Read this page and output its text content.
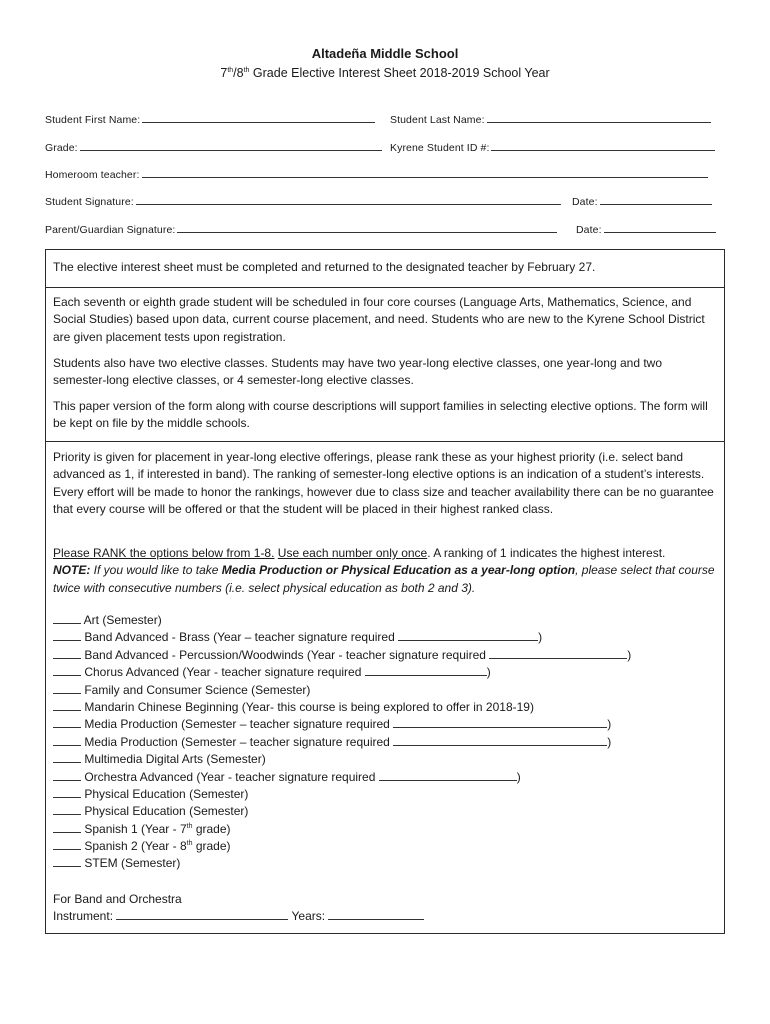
Altadeña Middle School
7th/8th Grade Elective Interest Sheet 2018-2019 School Year
Student First Name:	Student Last Name:
Grade:	Kyrene Student ID #:
Homeroom teacher:
Student Signature:	Date:
Parent/Guardian Signature:	Date:

The elective interest sheet must be completed and returned to the designated teacher by February 27.

Each seventh or eighth grade student will be scheduled in four core courses (Language Arts, Mathematics, Science, and Social Studies) based upon data, current course placement, and need. Students who are new to the Kyrene School District are given placement tests upon registration.

Students also have two elective classes. Students may have two year-long elective classes, one year-long and two semester-long elective classes, or 4 semester-long elective classes.

This paper version of the form along with course descriptions will support families in selecting elective options. The form will be kept on file by the middle schools.

Priority is given for placement in year-long elective offerings, please rank these as your highest priority (i.e. select band advanced as 1, if interested in band). The ranking of semester-long elective options is an indication of a student’s interests. Every effort will be made to honor the rankings, however due to class size and teacher availability there can be no guarantee that every course will be offered or that the student will be placed in their highest ranked class.

Please RANK the options below from 1-8. Use each number only once. A ranking of 1 indicates the highest interest.
NOTE: If you would like to take Media Production or Physical Education as a year-long option, please select that course twice with consecutive numbers (i.e. select physical education as both 2 and 3).

Art (Semester)
Band Advanced - Brass (Year – teacher signature required	)
Band Advanced - Percussion/Woodwinds (Year - teacher signature required	)
Chorus Advanced (Year - teacher signature required	)
Family and Consumer Science (Semester)
Mandarin Chinese Beginning (Year- this course is being explored to offer in 2018-19)
Media Production (Semester – teacher signature required	)
Media Production (Semester – teacher signature required	)
Multimedia Digital Arts (Semester)
Orchestra Advanced (Year - teacher signature required	)
Physical Education (Semester)
Physical Education (Semester)
Spanish 1 (Year - 7th grade)
Spanish 2 (Year - 8th grade)
STEM (Semester)

For Band and Orchestra
Instrument:	Years:
